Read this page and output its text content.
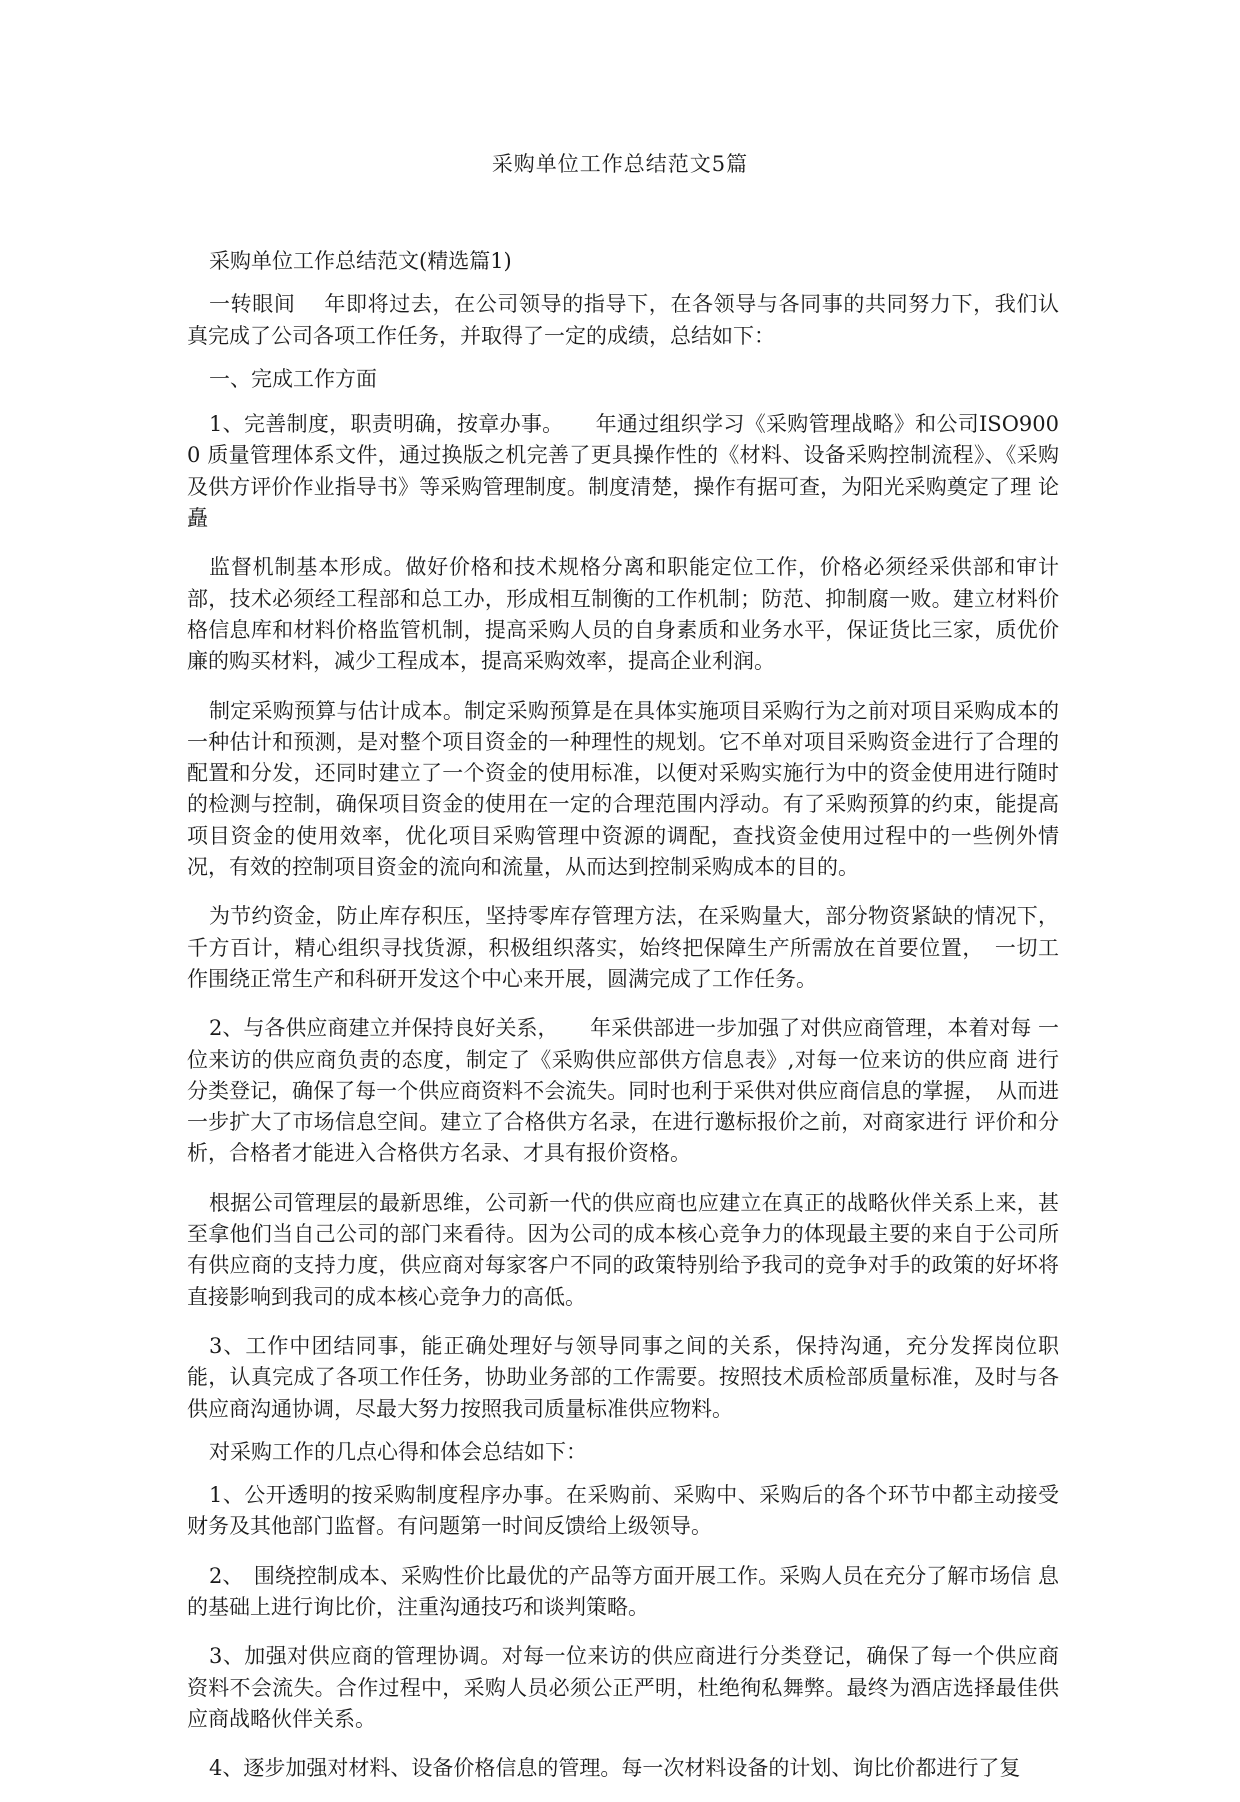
采购单位工作总结范文5篇

采购单位工作总结范文(精选篇1)

一转眼间　 年即将过去，在公司领导的指导下，在各领导与各同事的共同努力下，我们认 真完成了公司各项工作任务，并取得了一定的成绩，总结如下：

一、完成工作方面

1、完善制度，职责明确，按章办事。　　年通过组织学习《采购管理战略》和公司ISO9000 质量管理体系文件，通过换版之机完善了更具操作性的《材料、设备采购控制流程》、《采购 及供方评价作业指导书》等采购管理制度。制度清楚，操作有据可查，为阳光采购奠定了理 论矗

监督机制基本形成。做好价格和技术规格分离和职能定位工作，价格必须经采供部和审计部，技术必须经工程部和总工办，形成相互制衡的工作机制；防范、抑制腐一败。建立材料价格信息库和材料价格监管机制，提高采购人员的自身素质和业务水平，保证货比三家，质优价廉的购买材料，减少工程成本，提高采购效率，提高企业利润。

制定采购预算与估计成本。制定采购预算是在具体实施项目采购行为之前对项目采购成本的一种估计和预测，是对整个项目资金的一种理性的规划。它不单对项目采购资金进行了合理的配置和分发，还同时建立了一个资金的使用标准，以便对采购实施行为中的资金使用进行随时的检测与控制，确保项目资金的使用在一定的合理范围内浮动。有了采购预算的约束，能提高项目资金的使用效率，优化项目采购管理中资源的调配，查找资金使用过程中的一些例外情况，有效的控制项目资金的流向和流量，从而达到控制采购成本的目的。

为节约资金，防止库存积压，坚持零库存管理方法，在采购量大，部分物资紧缺的情况下，千方百计，精心组织寻找货源，积极组织落实，始终把保障生产所需放在首要位置，　一切工 作围绕正常生产和科研开发这个中心来开展，圆满完成了工作任务。

2、与各供应商建立并保持良好关系，　　年采供部进一步加强了对供应商管理，本着对每 一位来访的供应商负责的态度，制定了《采购供应部供方信息表》,对每一位来访的供应商 进行分类登记，确保了每一个供应商资料不会流失。同时也利于采供对供应商信息的掌握，　从而进一步扩大了市场信息空间。建立了合格供方名录，在进行邀标报价之前，对商家进行 评价和分析，合格者才能进入合格供方名录、才具有报价资格。

根据公司管理层的最新思维，公司新一代的供应商也应建立在真正的战略伙伴关系上来，甚至拿他们当自己公司的部门来看待。因为公司的成本核心竞争力的体现最主要的来自于公司所有供应商的支持力度，供应商对每家客户不同的政策特别给予我司的竞争对手的政策的好坏将直接影响到我司的成本核心竞争力的高低。

3、工作中团结同事，能正确处理好与领导同事之间的关系，保持沟通，充分发挥岗位职能，认真完成了各项工作任务，协助业务部的工作需要。按照技术质检部质量标准，及时与各供应商沟通协调，尽最大努力按照我司质量标准供应物料。

对采购工作的几点心得和体会总结如下：

1、公开透明的按采购制度程序办事。在采购前、采购中、采购后的各个环节中都主动接受财务及其他部门监督。有问题第一时间反馈给上级领导。

2、　围绕控制成本、采购性价比最优的产品等方面开展工作。采购人员在充分了解市场信 息的基础上进行询比价，注重沟通技巧和谈判策略。

3、加强对供应商的管理协调。对每一位来访的供应商进行分类登记，确保了每一个供应商资料不会流失。合作过程中，采购人员必须公正严明，杜绝徇私舞弊。最终为酒店选择最佳供应商战略伙伴关系。

4、逐步加强对材料、设备价格信息的管理。每一次材料设备的计划、询比价都进行了复
